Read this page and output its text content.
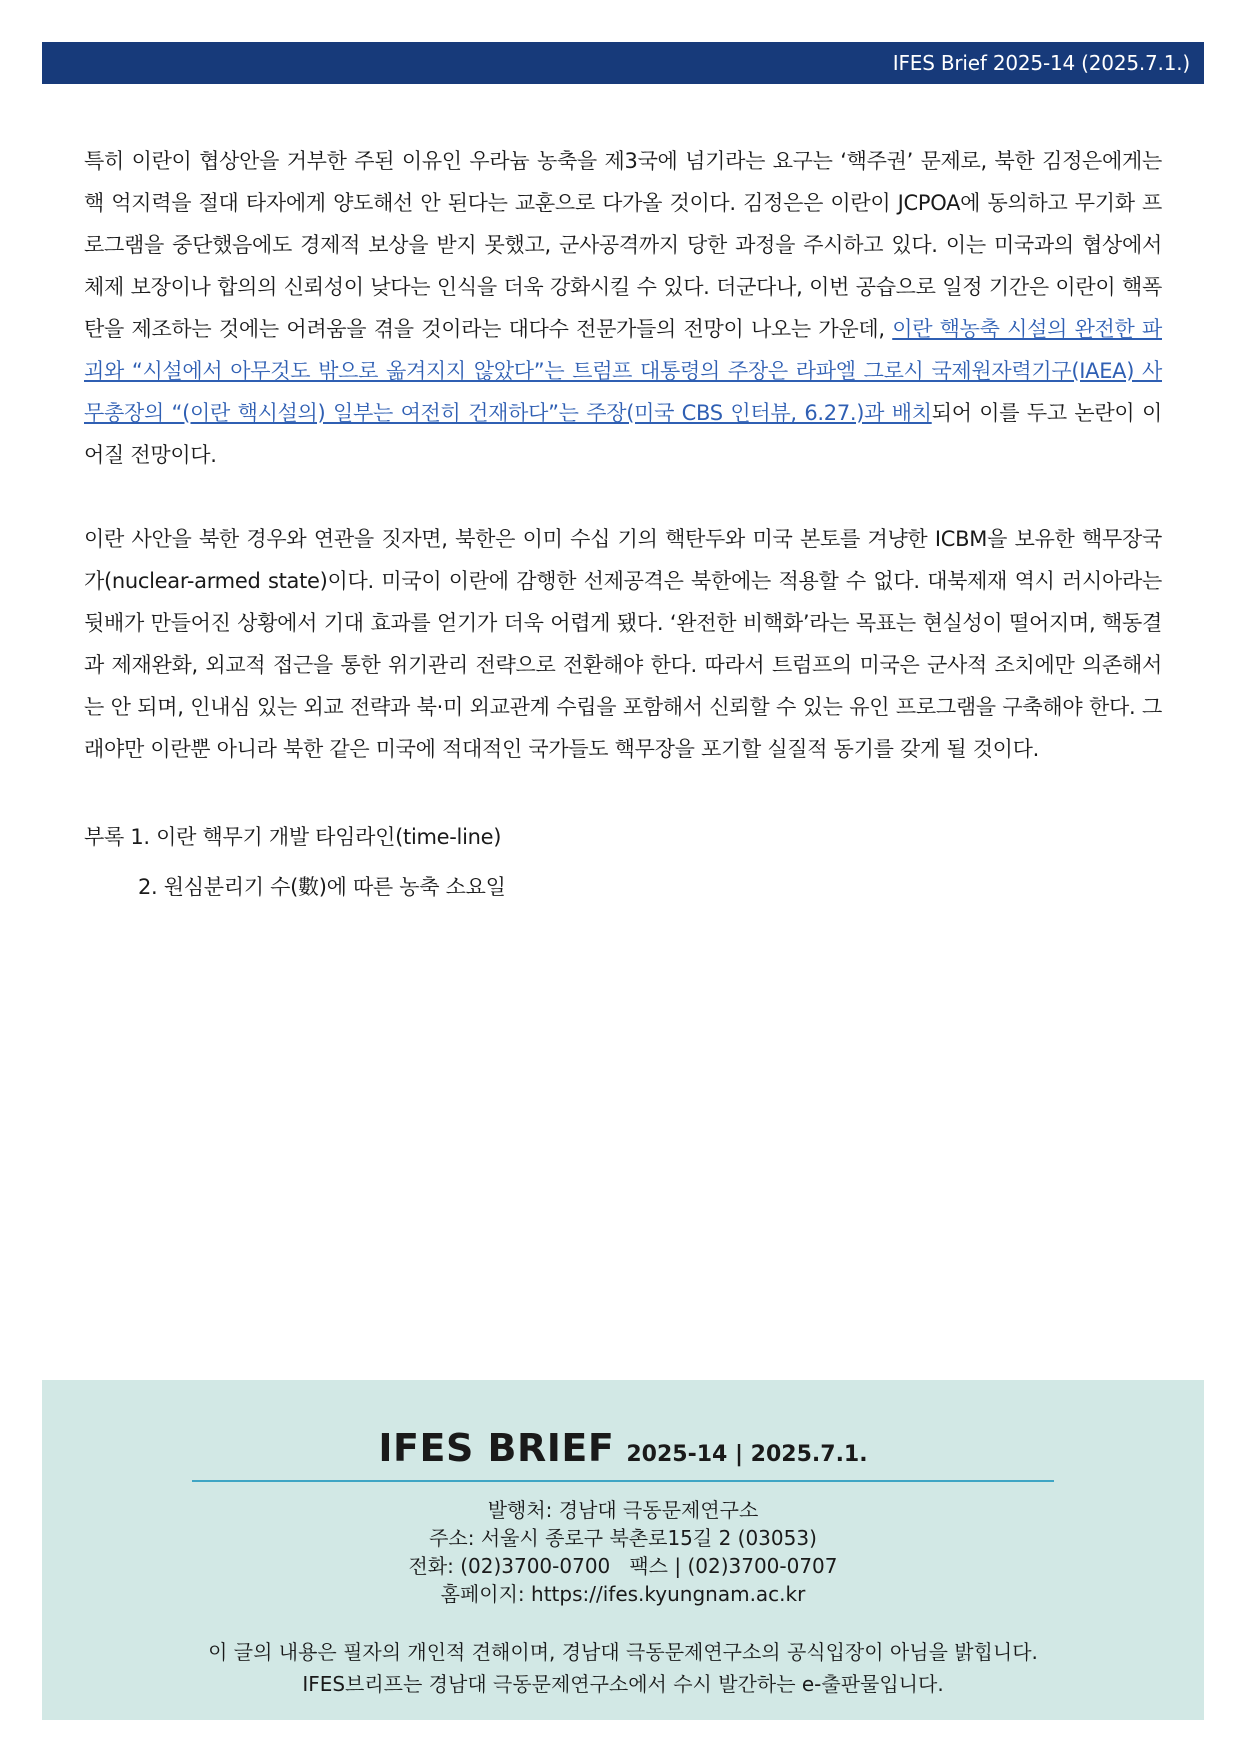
IFES Brief 2025-14 (2025.7.1.)

특히 이란이 협상안을 거부한 주된 이유인 우라늄 농축을 제3국에 넘기라는 요구는 ‘핵주권’ 문제로, 북한 김정은에게는 핵 억지력을 절대 타자에게 양도해선 안 된다는 교훈으로 다가올 것이다. 김정은은 이란이 JCPOA에 동의하고 무기화 프로그램을 중단했음에도 경제적 보상을 받지 못했고, 군사공격까지 당한 과정을 주시하고 있다. 이는 미국과의 협상에서 체제 보장이나 합의의 신뢰성이 낮다는 인식을 더욱 강화시킬 수 있다. 더군다나, 이번 공습으로 일정 기간은 이란이 핵폭탄을 제조하는 것에는 어려움을 겪을 것이라는 대다수 전문가들의 전망이 나오는 가운데, 이란 핵농축 시설의 완전한 파괴와 “시설에서 아무것도 밖으로 옮겨지지 않았다”는 트럼프 대통령의 주장은 라파엘 그로시 국제원자력기구(IAEA) 사무총장의 “(이란 핵시설의) 일부는 여전히 건재하다”는 주장(미국 CBS 인터뷰, 6.27.)과 배치되어 이를 두고 논란이 이어질 전망이다.

이란 사안을 북한 경우와 연관을 짓자면, 북한은 이미 수십 기의 핵탄두와 미국 본토를 겨냥한 ICBM을 보유한 핵무장국가(nuclear-armed state)이다. 미국이 이란에 감행한 선제공격은 북한에는 적용할 수 없다. 대북제재 역시 러시아라는 뒷배가 만들어진 상황에서 기대 효과를 얻기가 더욱 어렵게 됐다. ‘완전한 비핵화’라는 목표는 현실성이 떨어지며, 핵동결과 제재완화, 외교적 접근을 통한 위기관리 전략으로 전환해야 한다. 따라서 트럼프의 미국은 군사적 조치에만 의존해서는 안 되며, 인내심 있는 외교 전략과 북·미 외교관계 수립을 포함해서 신뢰할 수 있는 유인 프로그램을 구축해야 한다. 그래야만 이란뿐 아니라 북한 같은 미국에 적대적인 국가들도 핵무장을 포기할 실질적 동기를 갖게 될 것이다.

부록 1. 이란 핵무기 개발 타임라인(time-line)
2. 원심분리기 수(數)에 따른 농축 소요일
IFES BRIEF 2025-14 | 2025.7.1.
발행처: 경남대 극동문제연구소
주소: 서울시 종로구 북촌로15길 2 (03053)
전화: (02)3700-0700   팩스 | (02)3700-0707
홈페이지: https://ifes.kyungnam.ac.kr
이 글의 내용은 필자의 개인적 견해이며, 경남대 극동문제연구소의 공식입장이 아님을 밝힙니다.
IFES브리프는 경남대 극동문제연구소에서 수시 발간하는 e-출판물입니다.
